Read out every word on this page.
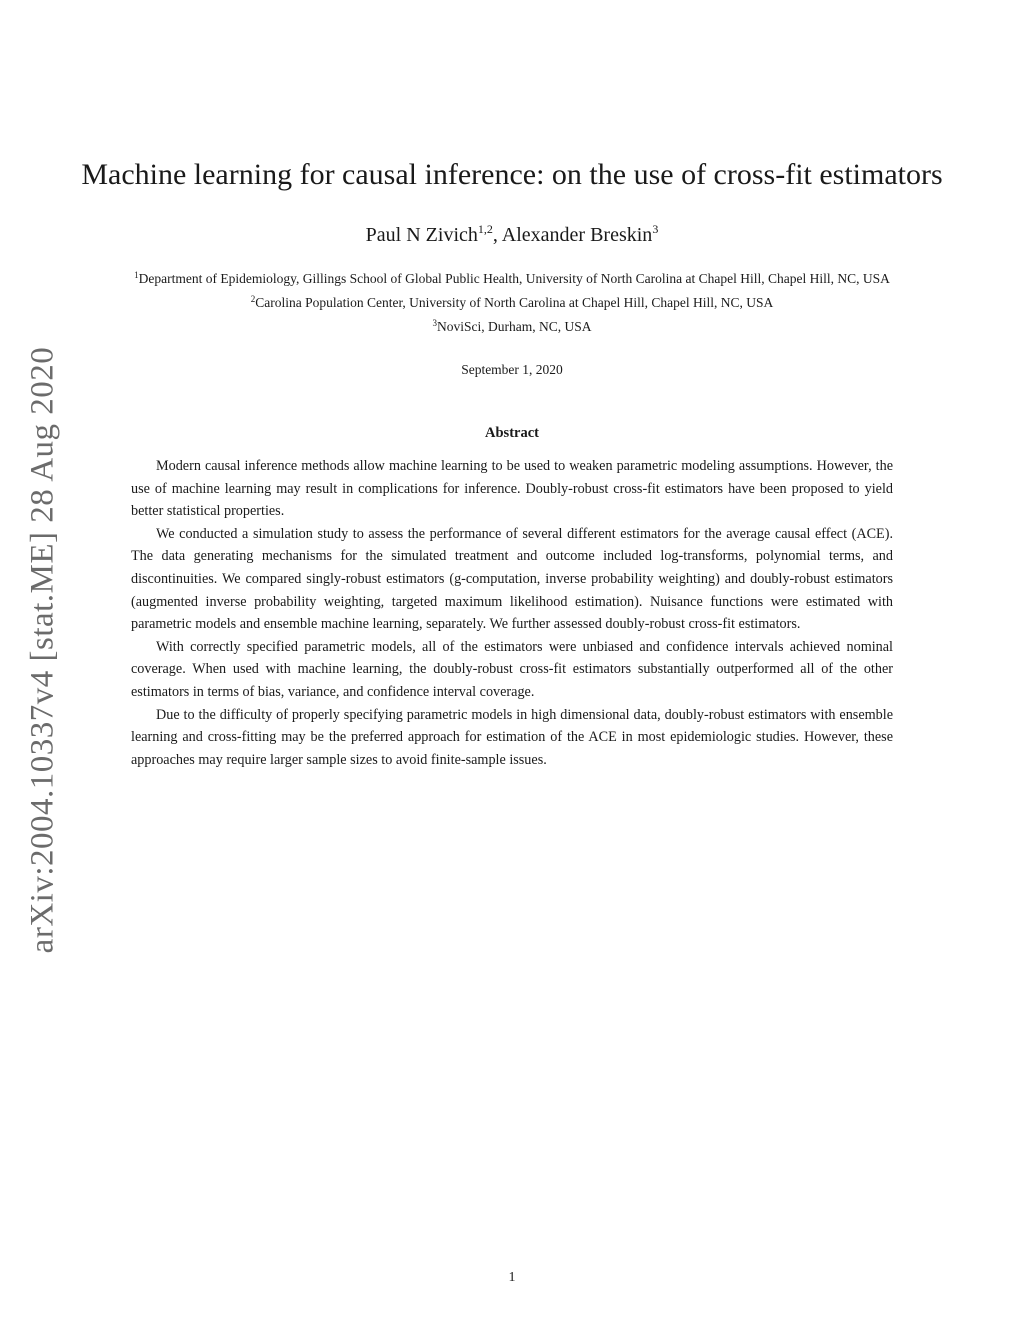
arXiv:2004.10337v4 [stat.ME] 28 Aug 2020
Machine learning for causal inference: on the use of cross-fit estimators
Paul N Zivich$^{1,2}$, Alexander Breskin$^3$
$^1$Department of Epidemiology, Gillings School of Global Public Health, University of North Carolina at Chapel Hill, Chapel Hill, NC, USA
$^2$Carolina Population Center, University of North Carolina at Chapel Hill, Chapel Hill, NC, USA
$^3$NoviSci, Durham, NC, USA
September 1, 2020
Abstract

Modern causal inference methods allow machine learning to be used to weaken parametric modeling assumptions. However, the use of machine learning may result in complications for inference. Doubly-robust cross-fit estimators have been proposed to yield better statistical properties.

We conducted a simulation study to assess the performance of several different estimators for the average causal effect (ACE). The data generating mechanisms for the simulated treatment and outcome included log-transforms, polynomial terms, and discontinuities. We compared singly-robust estimators (g-computation, inverse probability weighting) and doubly-robust estimators (augmented inverse probability weighting, targeted maximum likelihood estimation). Nuisance functions were estimated with parametric models and ensemble machine learning, separately. We further assessed doubly-robust cross-fit estimators.

With correctly specified parametric models, all of the estimators were unbiased and confidence intervals achieved nominal coverage. When used with machine learning, the doubly-robust cross-fit estimators substantially outperformed all of the other estimators in terms of bias, variance, and confidence interval coverage.

Due to the difficulty of properly specifying parametric models in high dimensional data, doubly-robust estimators with ensemble learning and cross-fitting may be the preferred approach for estimation of the ACE in most epidemiologic studies. However, these approaches may require larger sample sizes to avoid finite-sample issues.

1
